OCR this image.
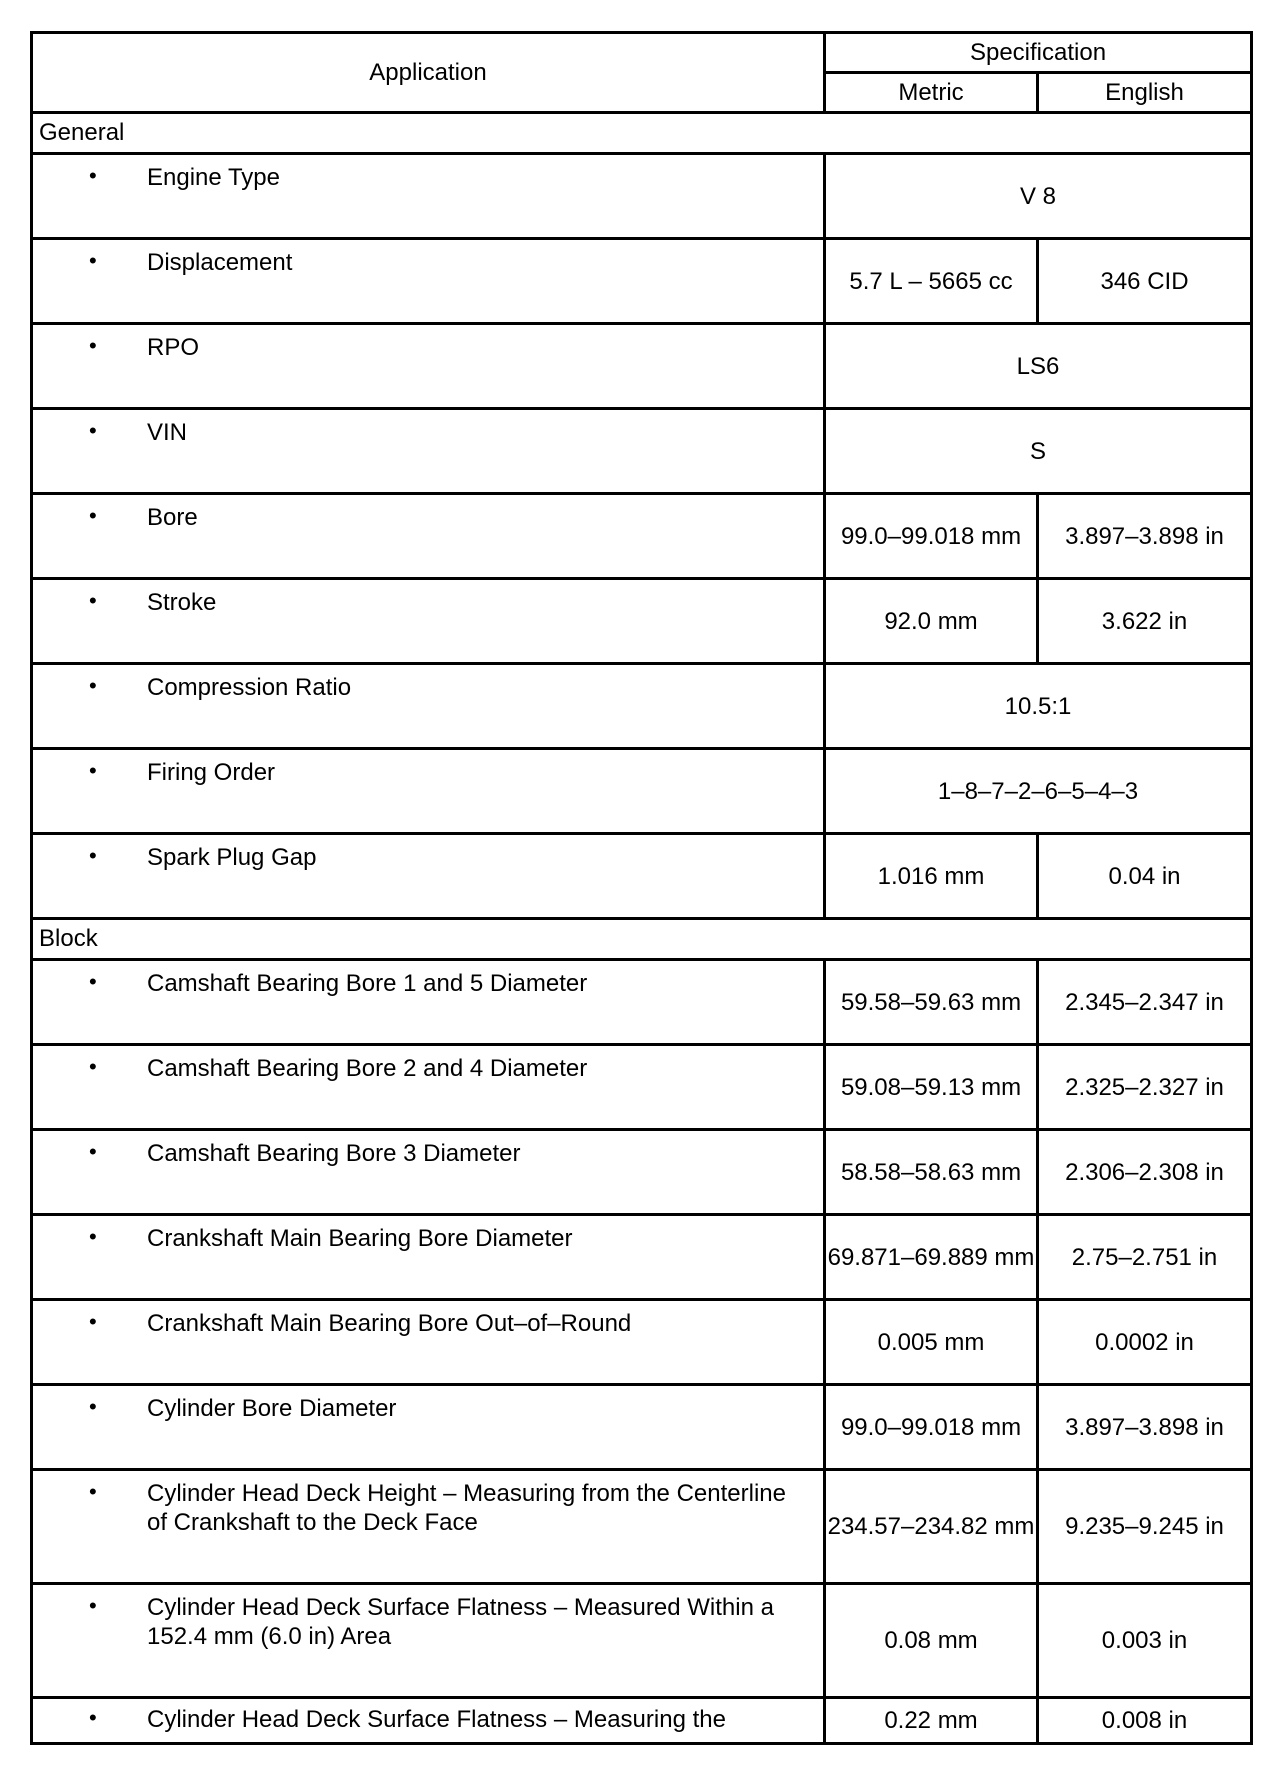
Application	Specification	
	Metric	English
General		

• Engine Type	V 8	

• Displacement	5.7 L – 5665 cc	346 CID

• RPO	LS6	

• VIN	S	

• Bore	99.0–99.018 mm	3.897–3.898 in

• Stroke	92.0 mm	3.622 in

• Compression Ratio	10.5:1	

• Firing Order	1–8–7–2–6–5–4–3	

• Spark Plug Gap	1.016 mm	0.04 in
Block		

• Camshaft Bearing Bore 1 and 5 Diameter	59.58–59.63 mm	2.345–2.347 in

• Camshaft Bearing Bore 2 and 4 Diameter	59.08–59.13 mm	2.325–2.327 in

• Camshaft Bearing Bore 3 Diameter	58.58–58.63 mm	2.306–2.308 in

• Crankshaft Main Bearing Bore Diameter	69.871–69.889 mm	2.75–2.751 in

• Crankshaft Main Bearing Bore Out–of–Round	0.005 mm	0.0002 in

• Cylinder Bore Diameter	99.0–99.018 mm	3.897–3.898 in

• Cylinder Head Deck Height – Measuring from the Centerline of Crankshaft to the Deck Face	234.57–234.82 mm	9.235–9.245 in

• Cylinder Head Deck Surface Flatness – Measured Within a 152.4 mm (6.0 in) Area	0.08 mm	0.003 in

• Cylinder Head Deck Surface Flatness – Measuring the	0.22 mm	0.008 in
